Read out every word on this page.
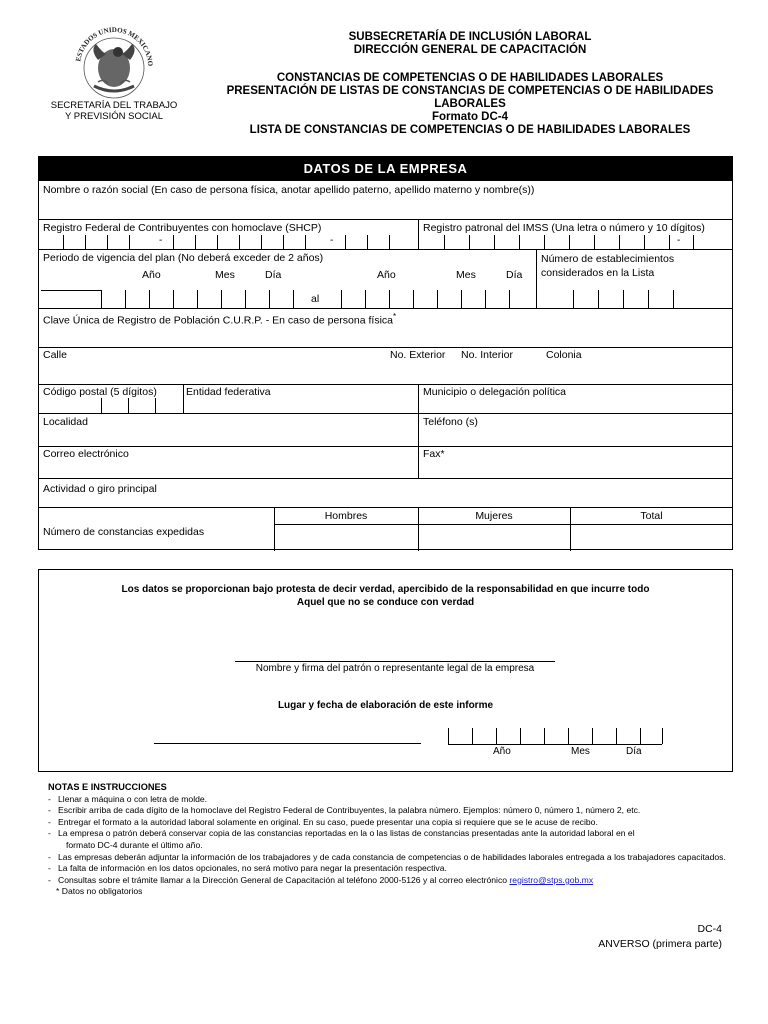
ESTADOS UNIDOS MEXICANO
SECRETARÍA DEL TRABAJO Y PREVISIÓN SOCIAL
SUBSECRETARÍA DE INCLUSIÓN LABORAL
DIRECCIÓN GENERAL DE CAPACITACIÓN
CONSTANCIAS DE COMPETENCIAS O DE HABILIDADES LABORALES
PRESENTACIÓN DE LISTAS DE CONSTANCIAS DE COMPETENCIAS O DE HABILIDADES
LABORALES
Formato DC-4
LISTA DE CONSTANCIAS DE COMPETENCIAS O DE HABILIDADES LABORALES
DATOS DE LA EMPRESA
Nombre o razón social (En caso de persona física, anotar apellido paterno, apellido materno y nombre(s))
Registro Federal de Contribuyentes con homoclave (SHCP)
-	-
Registro patronal del IMSS (Una letra o número y 10 dígitos)
-
Periodo de vigencia del plan (No deberá exceder de 2 años)
Año	Mes	Día	Año	Mes	Día
al
Número de establecimientos considerados en la Lista
Clave Única de Registro de Población C.U.R.P. - En caso de persona física*
Calle	No. Exterior No. Interior	Colonia
Código postal (5 dígitos)	Entidad federativa	Municipio o delegación política
Localidad	Teléfono (s)
Correo electrónico	Fax*
Actividad o giro principal
Número de constancias expedidas
Hombres	Mujeres	Total
Los datos se proporcionan bajo protesta de decir verdad, apercibido de la responsabilidad en que incurre todo
Aquel que no se conduce con verdad
Nombre y firma del patrón o representante legal de la empresa
Lugar y fecha de elaboración de este informe
Año	Mes	Día
NOTAS E INSTRUCCIONES
- Llenar a máquina o con letra de molde.
- Escribir arriba de cada dígito de la homoclave del Registro Federal de Contribuyentes, la palabra número. Ejemplos: número 0, número 1, número 2, etc.
- Entregar el formato a la autoridad laboral solamente en original. En su caso, puede presentar una copia si requiere que se le acuse de recibo.
- La empresa o patrón deberá conservar copia de las constancias reportadas en la o las listas de constancias presentadas ante la autoridad laboral en el
formato DC-4 durante el último año.
- Las empresas deberán adjuntar la información de los trabajadores y de cada constancia de competencias o de habilidades laborales entregada a los trabajadores capacitados.
- La falta de información en los datos opcionales, no será motivo para negar la presentación respectiva.
- Consultas sobre el trámite llamar a la Dirección General de Capacitación al teléfono 2000-5126 y al correo electrónico registro@stps.gob.mx
* Datos no obligatorios
DC-4
ANVERSO (primera parte)
